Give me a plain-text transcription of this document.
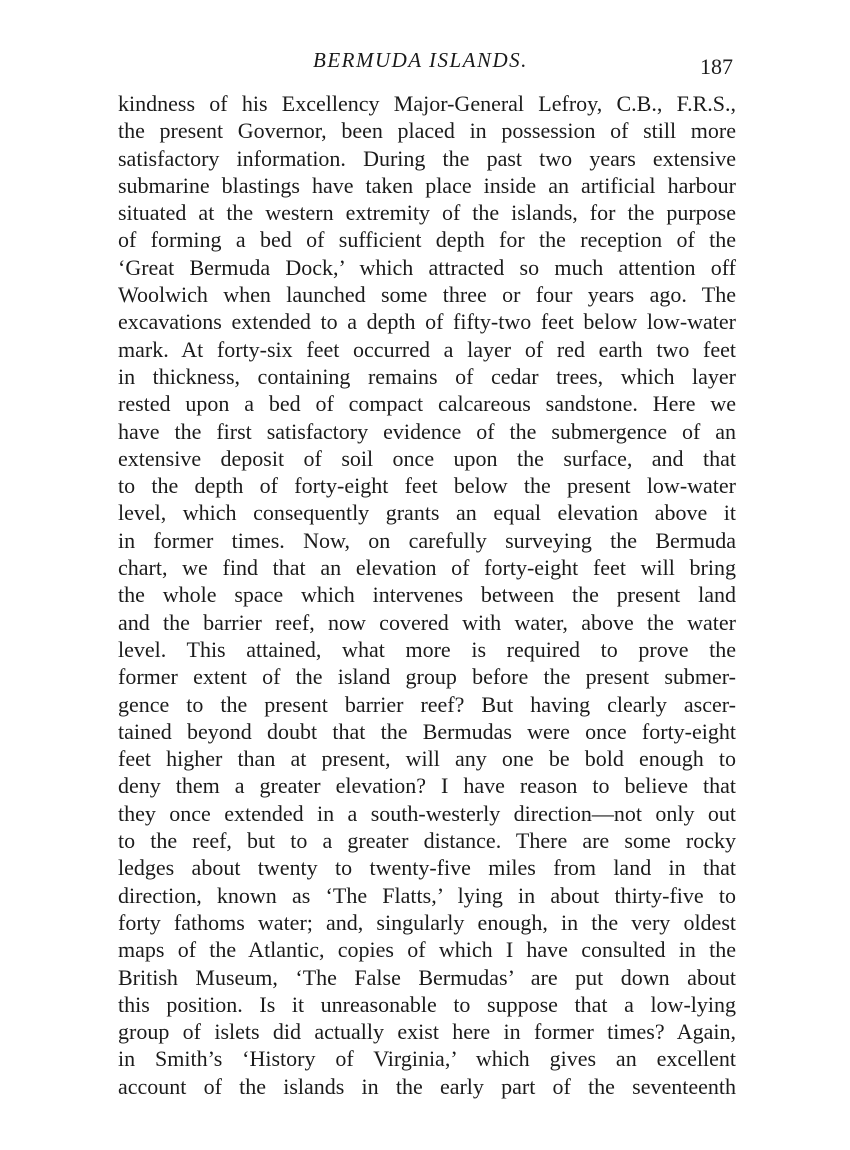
BERMUDA ISLANDS.	187
kindness of his Excellency Major-General Lefroy, C.B., F.R.S.,
the present Governor, been placed in possession of still more
satisfactory information. During the past two years extensive
submarine blastings have taken place inside an artificial harbour
situated at the western extremity of the islands, for the purpose
of forming a bed of sufficient depth for the reception of the
‘Great Bermuda Dock,’ which attracted so much attention off
Woolwich when launched some three or four years ago. The
excavations extended to a depth of fifty-two feet below low-water
mark. At forty-six feet occurred a layer of red earth two feet
in thickness, containing remains of cedar trees, which layer
rested upon a bed of compact calcareous sandstone. Here we
have the first satisfactory evidence of the submergence of an
extensive deposit of soil once upon the surface, and that
to the depth of forty-eight feet below the present low-water
level, which consequently grants an equal elevation above it
in former times. Now, on carefully surveying the Bermuda
chart, we find that an elevation of forty-eight feet will bring
the whole space which intervenes between the present land
and the barrier reef, now covered with water, above the water
level. This attained, what more is required to prove the
former extent of the island group before the present submer-
gence to the present barrier reef? But having clearly ascer-
tained beyond doubt that the Bermudas were once forty-eight
feet higher than at present, will any one be bold enough to
deny them a greater elevation? I have reason to believe that
they once extended in a south-westerly direction—not only out
to the reef, but to a greater distance. There are some rocky
ledges about twenty to twenty-five miles from land in that
direction, known as ‘The Flatts,’ lying in about thirty-five to
forty fathoms water; and, singularly enough, in the very oldest
maps of the Atlantic, copies of which I have consulted in the
British Museum, ‘The False Bermudas’ are put down about
this position. Is it unreasonable to suppose that a low-lying
group of islets did actually exist here in former times? Again,
in Smith’s ‘History of Virginia,’ which gives an excellent
account of the islands in the early part of the seventeenth
